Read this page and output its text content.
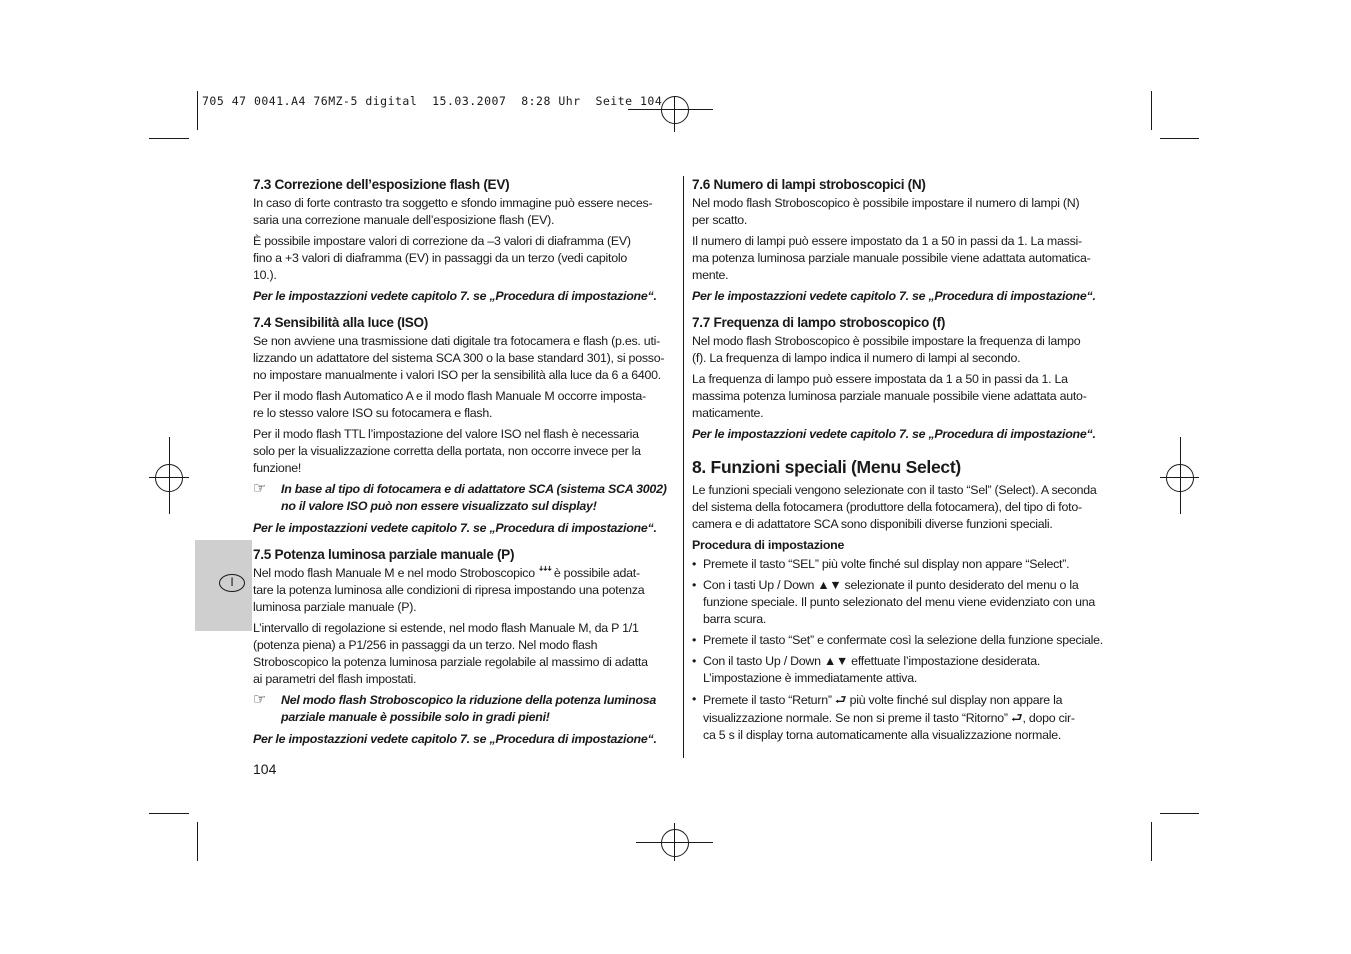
705 47 0041.A4 76MZ-5 digital  15.03.2007  8:28 Uhr  Seite 104
I
7.3 Correzione dell’esposizione flash (EV)

In caso di forte contrasto tra soggetto e sfondo immagine può essere neces-
saria una correzione manuale dell’esposizione flash (EV).

È possibile impostare valori di correzione da –3 valori di diaframma (EV)
fino a +3 valori di diaframma (EV) in passaggi da un terzo (vedi capitolo
10.).

Per le impostazzioni vedete capitolo 7. se „Procedura di impostazione“.

7.4 Sensibilità alla luce (ISO)

Se non avviene una trasmissione dati digitale tra fotocamera e flash (p.es. uti-
lizzando un adattatore del sistema SCA 300 o la base standard 301), si posso-
no impostare manualmente i valori ISO per la sensibilità alla luce da 6 a 6400.

Per il modo flash Automatico A e il modo flash Manuale M occorre imposta-
re lo stesso valore ISO su fotocamera e flash.

Per il modo flash TTL l’impostazione del valore ISO nel flash è necessaria
solo per la visualizzazione corretta della portata, non occorre invece per la
funzione!

☞ In base al tipo di fotocamera e di adattatore SCA (sistema SCA 3002)
no il valore ISO può non essere visualizzato sul display!

Per le impostazzioni vedete capitolo 7. se „Procedura di impostazione“.

7.5 Potenza luminosa parziale manuale (P)

Nel modo flash Manuale M e nel modo Stroboscopico ꜜꜜꜜ è possibile adat-
tare la potenza luminosa alle condizioni di ripresa impostando una potenza
luminosa parziale manuale (P).

L’intervallo di regolazione si estende, nel modo flash Manuale M, da P 1/1
(potenza piena) a P1/256 in passaggi da un terzo. Nel modo flash
Stroboscopico la potenza luminosa parziale regolabile al massimo di adatta
ai parametri del flash impostati.

☞ Nel modo flash Stroboscopico la riduzione della potenza luminosa
parziale manuale è possibile solo in gradi pieni!

Per le impostazzioni vedete capitolo 7. se „Procedura di impostazione“.

104
7.6 Numero di lampi stroboscopici (N)

Nel modo flash Stroboscopico è possibile impostare il numero di lampi (N)
per scatto.

Il numero di lampi può essere impostato da 1 a 50 in passi da 1. La massi-
ma potenza luminosa parziale manuale possibile viene adattata automatica-
mente.

Per le impostazzioni vedete capitolo 7. se „Procedura di impostazione“.

7.7 Frequenza di lampo stroboscopico (f)

Nel modo flash Stroboscopico è possibile impostare la frequenza di lampo
(f). La frequenza di lampo indica il numero di lampi al secondo.

La frequenza di lampo può essere impostata da 1 a 50 in passi da 1. La
massima potenza luminosa parziale manuale possibile viene adattata auto-
maticamente.

Per le impostazzioni vedete capitolo 7. se „Procedura di impostazione“.

8. Funzioni speciali (Menu Select)

Le funzioni speciali vengono selezionate con il tasto “Sel” (Select). A seconda
del sistema della fotocamera (produttore della fotocamera), del tipo di foto-
camera e di adattatore SCA sono disponibili diverse funzioni speciali.

Procedura di impostazione
• Premete il tasto “SEL” più volte finché sul display non appare “Select”.
• Con i tasti Up / Down ▲▼ selezionate il punto desiderato del menu o la
funzione speciale. Il punto selezionato del menu viene evidenziato con una
barra scura.
• Premete il tasto “Set” e confermate così la selezione della funzione speciale.
• Con il tasto Up / Down ▲▼ effettuate l’impostazione desiderata.
L’impostazione è immediatamente attiva.
• Premete il tasto “Return” ⮐ più volte finché sul display non appare la
visualizzazione normale. Se non si preme il tasto “Ritorno” ⮐, dopo cir-
ca 5 s il display torna automaticamente alla visualizzazione normale.
